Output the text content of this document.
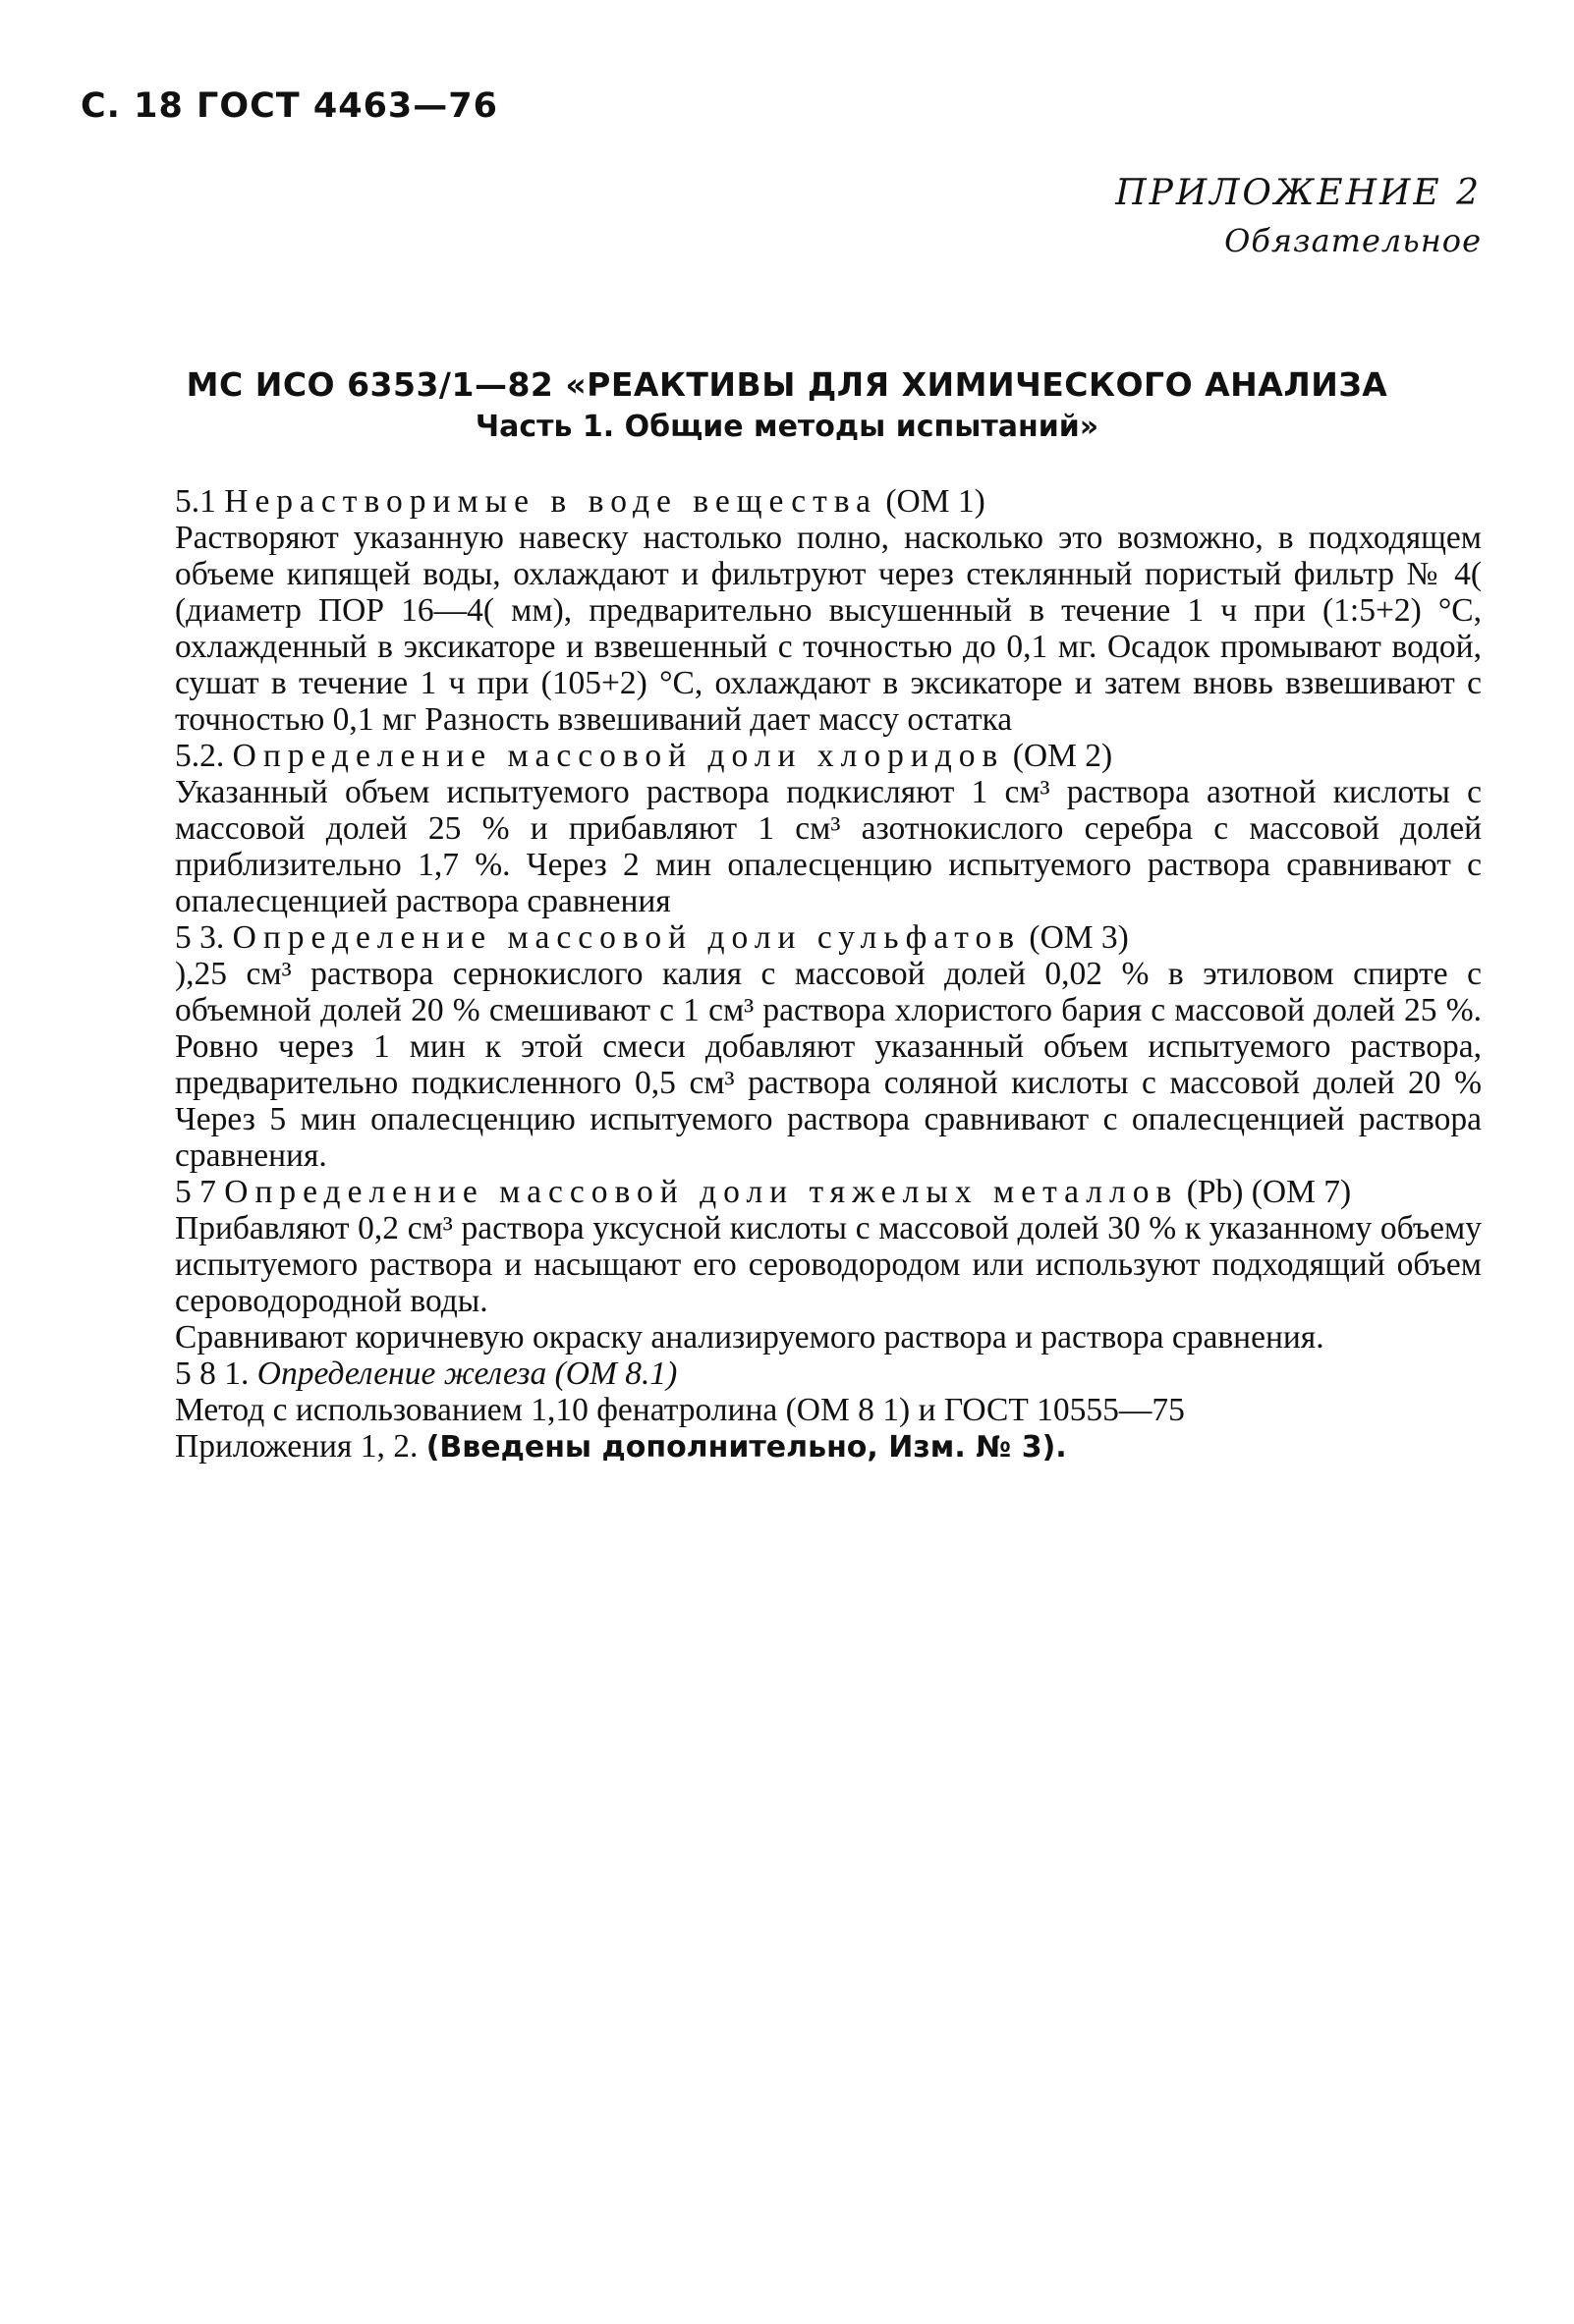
С. 18 ГОСТ 4463—76
ПРИЛОЖЕНИЕ 2
Обязательное
МС ИСО 6353/1—82 «РЕАКТИВЫ ДЛЯ ХИМИЧЕСКОГО АНАЛИЗА
Часть 1. Общие методы испытаний»

5.1 Нерастворимые в воде вещества (ОМ 1)

Растворяют указанную навеску настолько полно, насколько это возможно, в подходящем объеме кипящей воды, охлаждают и фильтруют через стеклянный пористый фильтр № 4( (диаметр ПОР 16—4( мм), предварительно высушенный в течение 1 ч при (1:5+2) °С, охлажденный в эксикаторе и взвешенный с точностью до 0,1 мг. Осадок промывают водой, сушат в течение 1 ч при (105+2) °С, охлаждают в эксикаторе и затем вновь взвешивают с точностью 0,1 мг Разность взвешиваний дает массу остатка

5.2. Определение массовой доли хлоридов (ОМ 2)

Указанный объем испытуемого раствора подкисляют 1 см³ раствора азотной кислоты с массовой долей 25 % и прибавляют 1 см³ азотнокислого серебра с массовой долей приблизительно 1,7 %. Через 2 мин опалесценцию испытуемого раствора сравнивают с опалесценцией раствора сравнения

5 3. Определение массовой доли сульфатов (ОМ 3)

),25 см³ раствора сернокислого калия с массовой долей 0,02 % в этиловом спирте с объемной долей 20 % смешивают с 1 см³ раствора хлористого бария с массовой долей 25 %. Ровно через 1 мин к этой смеси добавляют указанный объем испытуемого раствора, предварительно подкисленного 0,5 см³ раствора соляной кислоты с массовой долей 20 % Через 5 мин опалесценцию испытуемого раствора сравнивают с опалесценцией раствора сравнения.

5 7 Определение массовой доли тяжелых металлов (Pb) (ОМ 7)

Прибавляют 0,2 см³ раствора уксусной кислоты с массовой долей 30 % к указанному объему испытуемого раствора и насыщают его сероводородом или используют подходящий объем сероводородной воды.

Сравнивают коричневую окраску анализируемого раствора и раствора сравнения.

5 8 1. Определение железа (ОМ 8.1)

Метод с использованием 1,10 фенатролина (ОМ 8 1) и ГОСТ 10555—75

Приложения 1, 2. (Введены дополнительно, Изм. № 3).
